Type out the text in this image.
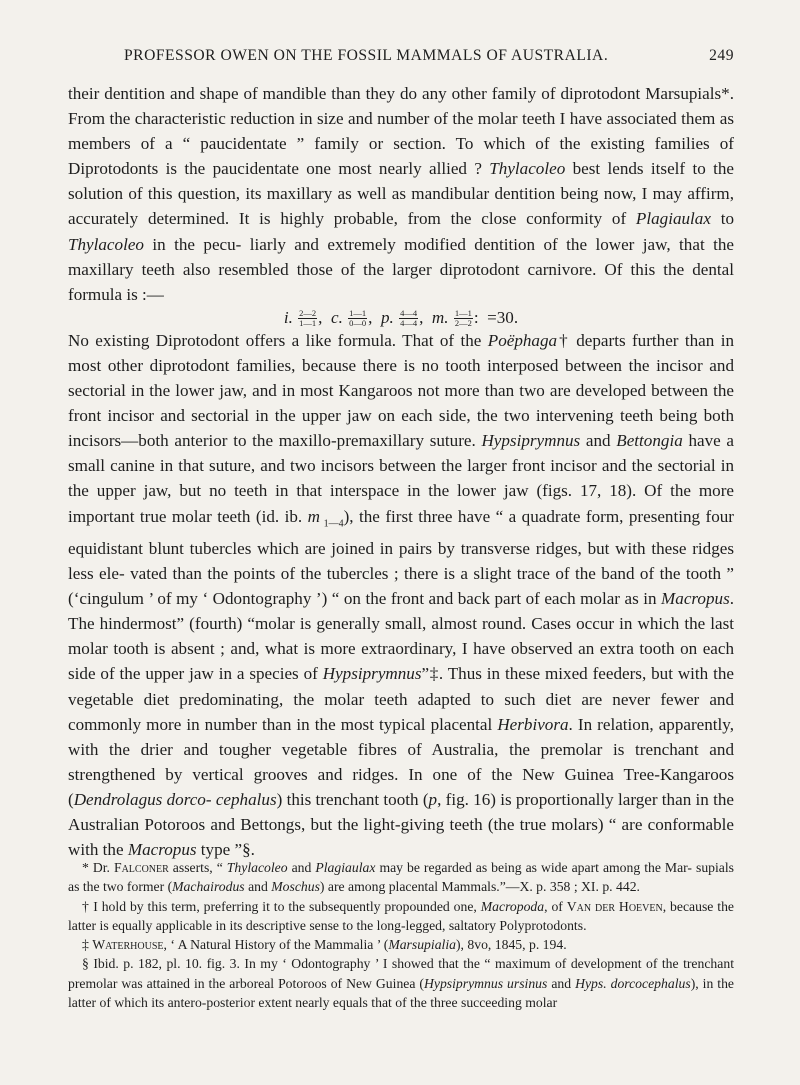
PROFESSOR OWEN ON THE FOSSIL MAMMALS OF AUSTRALIA.	249

their dentition and shape of mandible than they do any other family of diprotodont Marsupials*. From the characteristic reduction in size and number of the molar teeth I have associated them as members of a “ paucidentate ” family or section. To which of the existing families of Diprotodonts is the paucidentate one most nearly allied ? Thylacoleo best lends itself to the solution of this question, its maxillary as well as mandibular dentition being now, I may affirm, accurately determined. It is highly probable, from the close conformity of Plagiaulax to Thylacoleo in the pecu- liarly and extremely modified dentition of the lower jaw, that the maxillary teeth also resembled those of the larger diprotodont carnivore. Of this the dental formula is :—

i. $\frac{2—2}{1—1}$ ,  c. $\frac{1—1}{0—0}$ ,  p. $\frac{4—4}{4—4}$ ,  m. $\frac{1—1}{2—2}$ :  =30.

No existing Diprotodont offers a like formula. That of the Poëphaga† departs further than in most other diprotodont families, because there is no tooth interposed between the incisor and sectorial in the lower jaw, and in most Kangaroos not more than two are developed between the front incisor and sectorial in the upper jaw on each side, the two intervening teeth being both incisors—both anterior to the maxillo-premaxillary suture. Hypsiprymnus and Bettongia have a small canine in that suture, and two incisors between the larger front incisor and the sectorial in the upper jaw, but no teeth in that interspace in the lower jaw (figs. 17, 18). Of the more important true molar teeth (id. ib. m $_{1—4}$), the first three have “ a quadrate form, presenting four equidistant blunt tubercles which are joined in pairs by transverse ridges, but with these ridges less ele- vated than the points of the tubercles ; there is a slight trace of the band of the tooth ” (‘cingulum ’ of my ‘ Odontography ’) “ on the front and back part of each molar as in Macropus. The hindermost” (fourth) “molar is generally small, almost round. Cases occur in which the last molar tooth is absent ; and, what is more extraordinary, I have observed an extra tooth on each side of the upper jaw in a species of Hypsiprymnus”‡. Thus in these mixed feeders, but with the vegetable diet predominating, the molar teeth adapted to such diet are never fewer and commonly more in number than in the most typical placental Herbivora. In relation, apparently, with the drier and tougher vegetable fibres of Australia, the premolar is trenchant and strengthened by vertical grooves and ridges. In one of the New Guinea Tree-Kangaroos (Dendrolagus dorco- cephalus) this trenchant tooth (p, fig. 16) is proportionally larger than in the Australian Potoroos and Bettongs, but the light-giving teeth (the true molars) “ are conformable with the Macropus type ”§.

* Dr. Falconer asserts, “ Thylacoleo and Plagiaulax may be regarded as being as wide apart among the Mar- supials as the two former (Machairodus and Moschus) are among placental Mammals.”—X. p. 358 ; XI. p. 442.

† I hold by this term, preferring it to the subsequently propounded one, Macropoda, of Van der Hoeven, because the latter is equally applicable in its descriptive sense to the long-legged, saltatory Polyprotodonts.

‡ Waterhouse, ‘ A Natural History of the Mammalia ’ (Marsupialia), 8vo, 1845, p. 194.

§ Ibid. p. 182, pl. 10. fig. 3. In my ‘ Odontography ’ I showed that the “ maximum of development of the trenchant premolar was attained in the arboreal Potoroos of New Guinea (Hypsiprymnus ursinus and Hyps. dorcocephalus), in the latter of which its antero-posterior extent nearly equals that of the three succeeding molar
